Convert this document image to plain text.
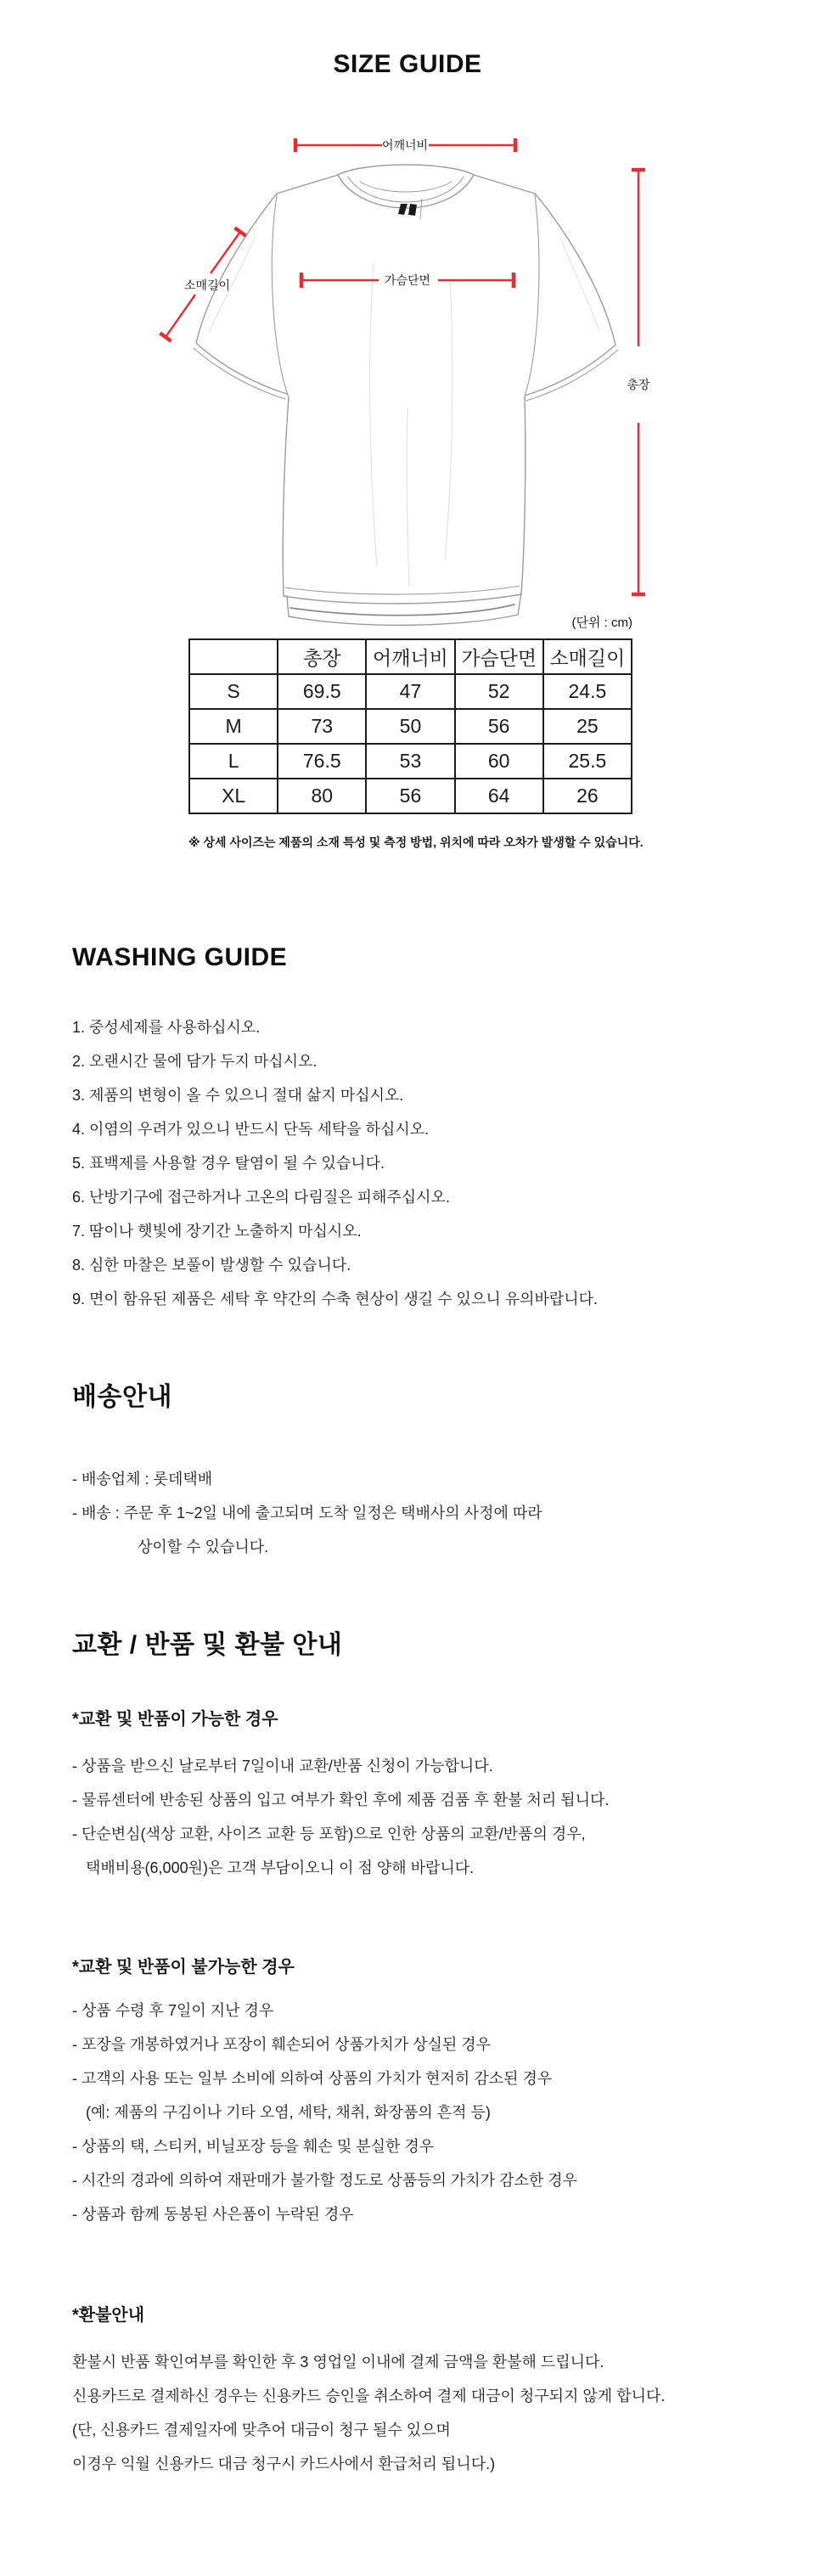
SIZE GUIDE
어깨너비
가슴단면
소매길이
총장
(단위 : cm)
	총장	어깨너비	가슴단면	소매길이
S	69.5	47	52	24.5
M	73	50	56	25
L	76.5	53	60	25.5
XL	80	56	64	26
※ 상세 사이즈는 제품의 소재 특성 및 측정 방법, 위치에 따라 오차가 발생할 수 있습니다.
WASHING GUIDE
1. 중성세제를 사용하십시오.
2. 오랜시간 물에 담가 두지 마십시오.
3. 제품의 변형이 올 수 있으니 절대 삶지 마십시오.
4. 이염의 우려가 있으니 반드시 단독 세탁을 하십시오.
5. 표백제를 사용할 경우 탈염이 될 수 있습니다.
6. 난방기구에 접근하거나 고온의 다림질은 피해주십시오.
7. 땀이나 햇빛에 장기간 노출하지 마십시오.
8. 심한 마찰은 보풀이 발생할 수 있습니다.
9. 면이 함유된 제품은 세탁 후 약간의 수축 현상이 생길 수 있으니 유의바랍니다.
배송안내
- 배송업체 : 롯데택배
- 배송 : 주문 후 1~2일 내에 출고되며 도착 일정은 택배사의 사정에 따라
상이할 수 있습니다.
교환 / 반품 및 환불 안내
*교환 및 반품이 가능한 경우
- 상품을 받으신 날로부터 7일이내 교환/반품 신청이 가능합니다.
- 물류센터에 반송된 상품의 입고 여부가 확인 후에 제품 검품 후 환불 처리 됩니다.
- 단순변심(색상 교환, 사이즈 교환 등 포함)으로 인한 상품의 교환/반품의 경우,
택배비용(6,000원)은 고객 부담이오니 이 점 양해 바랍니다.
*교환 및 반품이 불가능한 경우
- 상품 수령 후 7일이 지난 경우
- 포장을 개봉하였거나 포장이 훼손되어 상품가치가 상실된 경우
- 고객의 사용 또는 일부 소비에 의하여 상품의 가치가 현저히 감소된 경우
(예: 제품의 구김이나 기타 오염, 세탁, 채취, 화장품의 흔적 등)
- 상품의 택, 스티커, 비닐포장 등을 훼손 및 분실한 경우
- 시간의 경과에 의하여 재판매가 불가할 정도로 상품등의 가치가 감소한 경우
- 상품과 함께 동봉된 사은품이 누락된 경우
*환불안내
환불시 반품 확인여부를 확인한 후 3 영업일 이내에 결제 금액을 환불해 드립니다.
신용카드로 결제하신 경우는 신용카드 승인을 취소하여 결제 대금이 청구되지 않게 합니다.
(단, 신용카드 결제일자에 맞추어 대금이 청구 될수 있으며
이경우 익월 신용카드 대금 청구시 카드사에서 환급처리 됩니다.)
